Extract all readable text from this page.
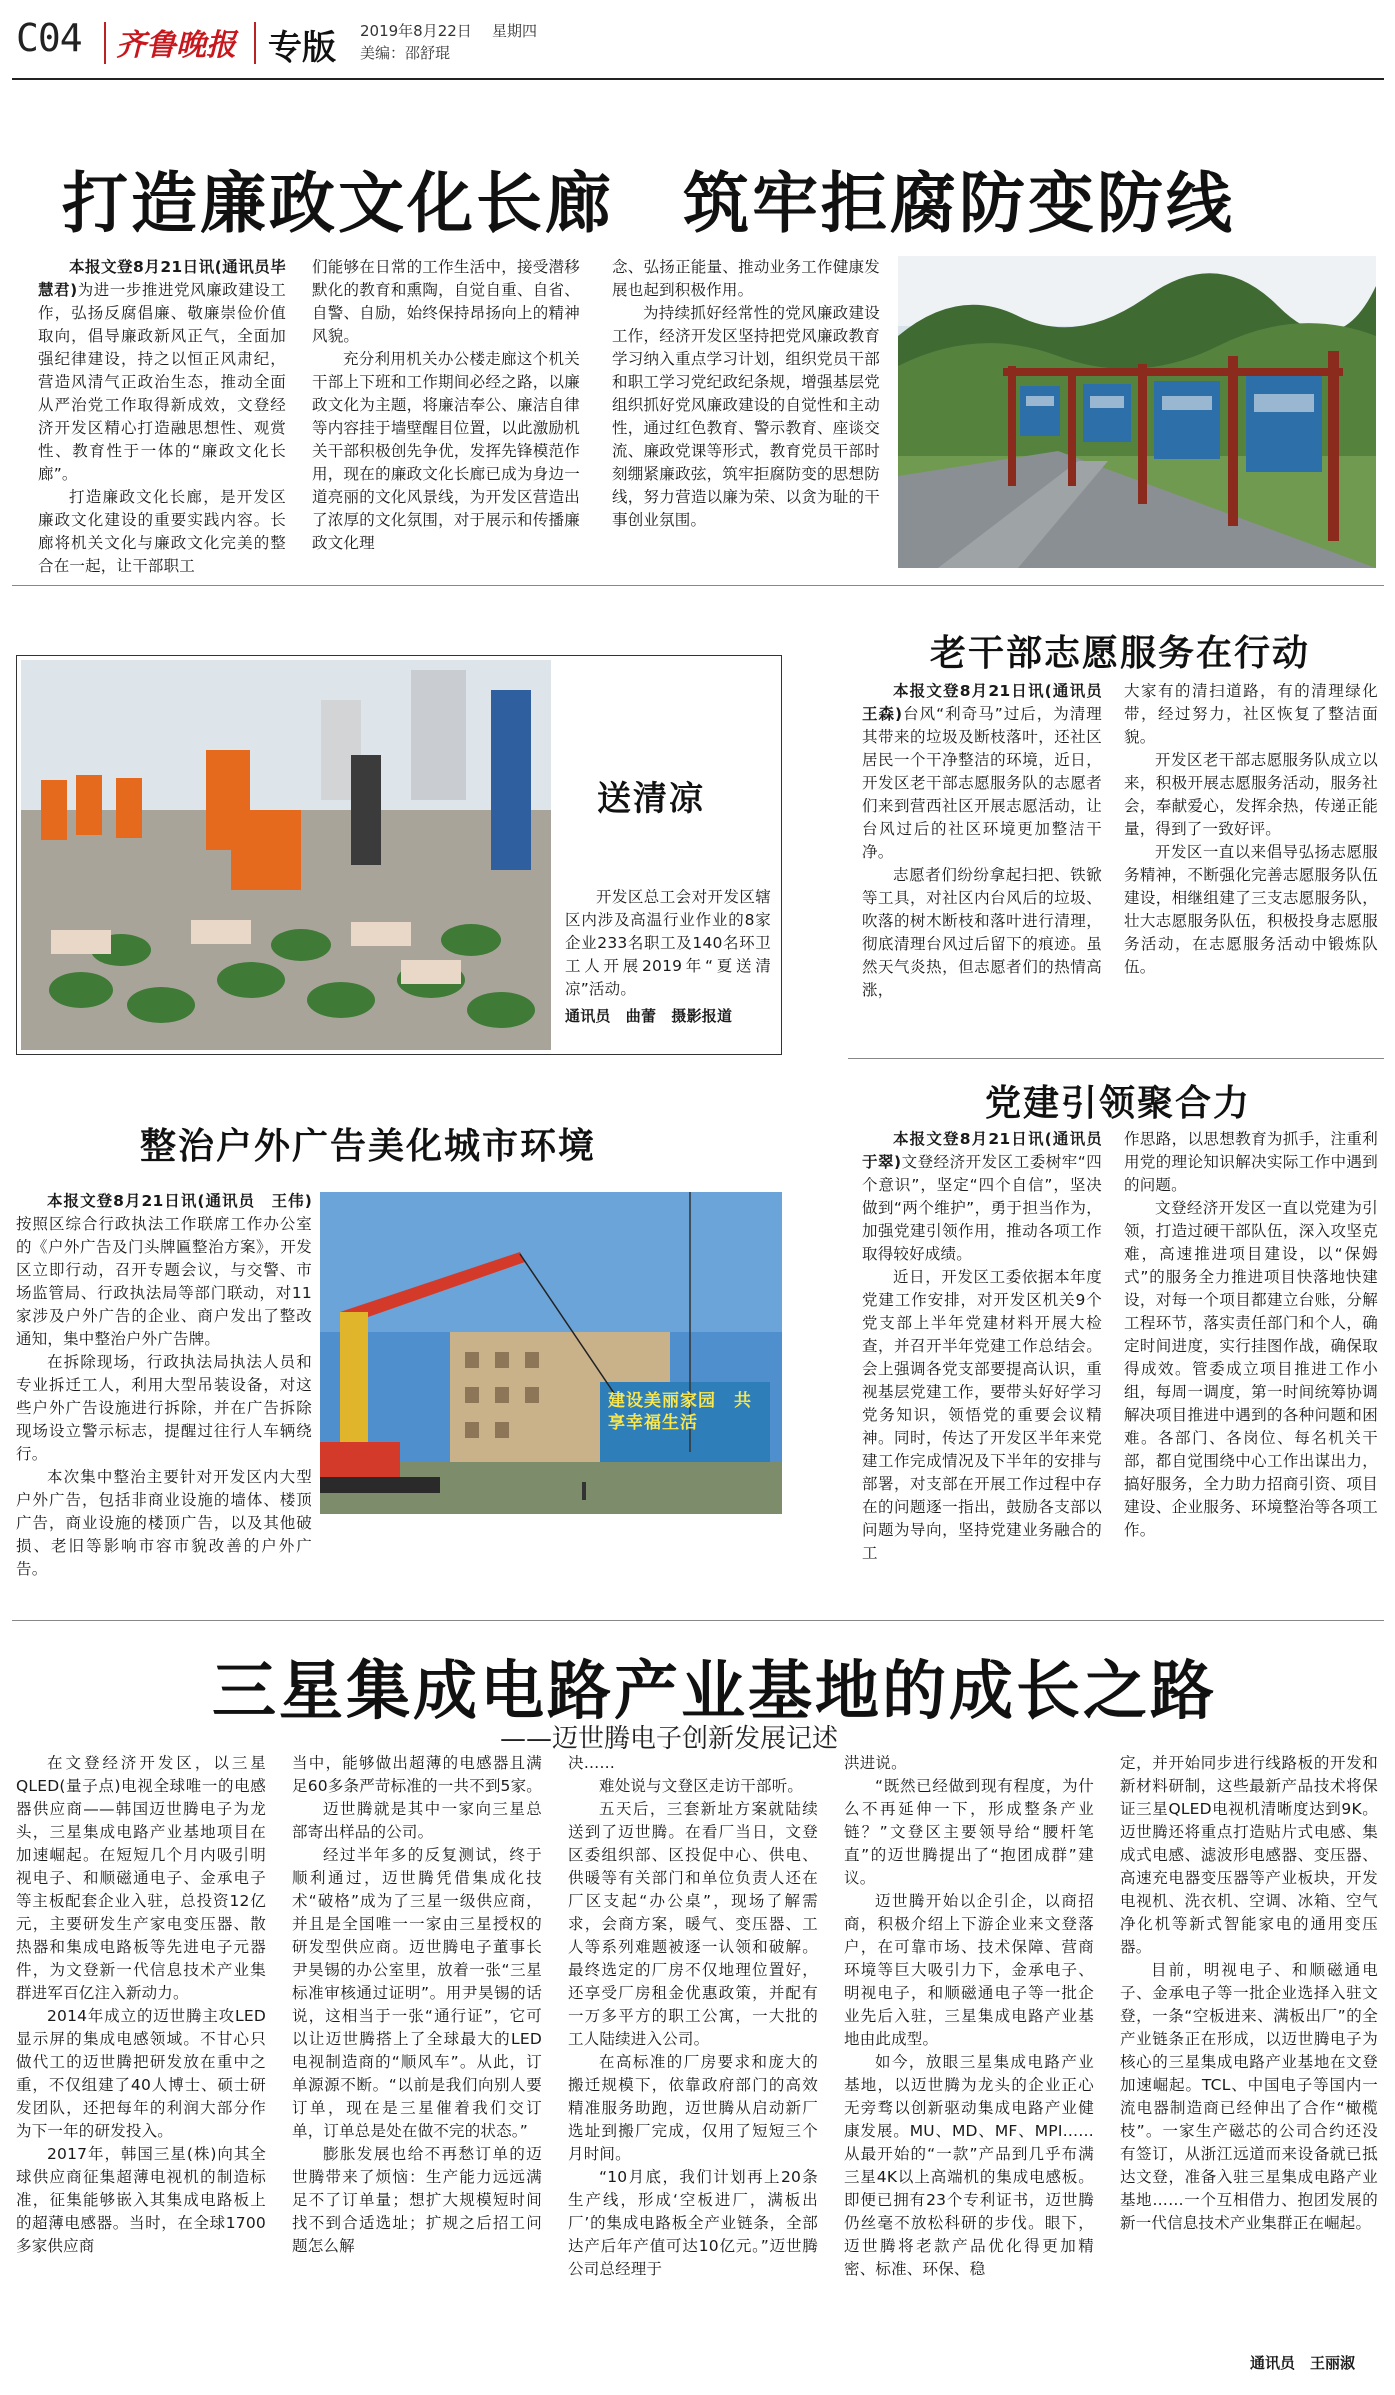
C04 齐鲁晚报 专版 2019年8月22日 星期四
美编：邵舒琨
打造廉政文化长廊　筑牢拒腐防变防线

本报文登8月21日讯(通讯员毕慧君)为进一步推进党风廉政建设工作，弘扬反腐倡廉、敬廉崇俭价值取向，倡导廉政新风正气，全面加强纪律建设，持之以恒正风肃纪，营造风清气正政治生态，推动全面从严治党工作取得新成效，文登经济开发区精心打造融思想性、观赏性、教育性于一体的“廉政文化长廊”。

打造廉政文化长廊，是开发区廉政文化建设的重要实践内容。长廊将机关文化与廉政文化完美的整合在一起，让干部职工

们能够在日常的工作生活中，接受潜移默化的教育和熏陶，自觉自重、自省、自警、自励，始终保持昂扬向上的精神风貌。

充分利用机关办公楼走廊这个机关干部上下班和工作期间必经之路，以廉政文化为主题，将廉洁奉公、廉洁自律等内容挂于墙壁醒目位置，以此激励机关干部积极创先争优，发挥先锋模范作用，现在的廉政文化长廊已成为身边一道亮丽的文化风景线，为开发区营造出了浓厚的文化氛围，对于展示和传播廉政文化理

念、弘扬正能量、推动业务工作健康发展也起到积极作用。

为持续抓好经常性的党风廉政建设工作，经济开发区坚持把党风廉政教育学习纳入重点学习计划，组织党员干部和职工学习党纪政纪条规，增强基层党组织抓好党风廉政建设的自觉性和主动性，通过红色教育、警示教育、座谈交流、廉政党课等形式，教育党员干部时刻绷紧廉政弦，筑牢拒腐防变的思想防线，努力营造以廉为荣、以贪为耻的干事创业氛围。

送清凉

开发区总工会对开发区辖区内涉及高温行业作业的8家企业233名职工及140名环卫工人开展2019年“夏送清凉”活动。

通讯员　曲蕾　摄影报道

老干部志愿服务在行动

本报文登8月21日讯(通讯员　王森)台风“利奇马”过后，为清理其带来的垃圾及断枝落叶，还社区居民一个干净整洁的环境，近日，开发区老干部志愿服务队的志愿者们来到营西社区开展志愿活动，让台风过后的社区环境更加整洁干净。

志愿者们纷纷拿起扫把、铁锨等工具，对社区内台风后的垃圾、吹落的树木断枝和落叶进行清理，彻底清理台风过后留下的痕迹。虽然天气炎热，但志愿者们的热情高涨，

大家有的清扫道路，有的清理绿化带，经过努力，社区恢复了整洁面貌。

开发区老干部志愿服务队成立以来，积极开展志愿服务活动，服务社会，奉献爱心，发挥余热，传递正能量，得到了一致好评。

开发区一直以来倡导弘扬志愿服务精神，不断强化完善志愿服务队伍建设，相继组建了三支志愿服务队，壮大志愿服务队伍，积极投身志愿服务活动，在志愿服务活动中锻炼队伍。

整治户外广告美化城市环境

本报文登8月21日讯(通讯员　王伟)按照区综合行政执法工作联席工作办公室的《户外广告及门头牌匾整治方案》，开发区立即行动，召开专题会议，与交警、市场监管局、行政执法局等部门联动，对11家涉及户外广告的企业、商户发出了整改通知，集中整治户外广告牌。

在拆除现场，行政执法局执法人员和专业拆迁工人，利用大型吊装设备，对这些户外广告设施进行拆除，并在广告拆除现场设立警示标志，提醒过往行人车辆绕行。

本次集中整治主要针对开发区内大型户外广告，包括非商业设施的墙体、楼顶广告，商业设施的楼顶广告，以及其他破损、老旧等影响市容市貌改善的户外广告。

建设美丽家园　共享幸福生活
党建引领聚合力

本报文登8月21日讯(通讯员　于翠)文登经济开发区工委树牢“四个意识”，坚定“四个自信”，坚决做到“两个维护”，勇于担当作为，加强党建引领作用，推动各项工作取得较好成绩。

近日，开发区工委依据本年度党建工作安排，对开发区机关9个党支部上半年党建材料开展大检查，并召开半年党建工作总结会。会上强调各党支部要提高认识，重视基层党建工作，要带头好好学习党务知识，领悟党的重要会议精神。同时，传达了开发区半年来党建工作完成情况及下半年的安排与部署，对支部在开展工作过程中存在的问题逐一指出，鼓励各支部以问题为导向，坚持党建业务融合的工

作思路，以思想教育为抓手，注重利用党的理论知识解决实际工作中遇到的问题。

文登经济开发区一直以党建为引领，打造过硬干部队伍，深入攻坚克难，高速推进项目建设，以“保姆式”的服务全力推进项目快落地快建设，对每一个项目都建立台账，分解工程环节，落实责任部门和个人，确定时间进度，实行挂图作战，确保取得成效。管委成立项目推进工作小组，每周一调度，第一时间统筹协调解决项目推进中遇到的各种问题和困难。各部门、各岗位、每名机关干部，都自觉围绕中心工作出谋出力，搞好服务，全力助力招商引资、项目建设、企业服务、环境整治等各项工作。

三星集成电路产业基地的成长之路
——迈世腾电子创新发展记述

在文登经济开发区，以三星QLED(量子点)电视全球唯一的电感器供应商——韩国迈世腾电子为龙头，三星集成电路产业基地项目在加速崛起。在短短几个月内吸引明视电子、和顺磁通电子、金承电子等主板配套企业入驻，总投资12亿元，主要研发生产家电变压器、散热器和集成电路板等先进电子元器件，为文登新一代信息技术产业集群进军百亿注入新动力。

2014年成立的迈世腾主攻LED显示屏的集成电感领域。不甘心只做代工的迈世腾把研发放在重中之重，不仅组建了40人博士、硕士研发团队，还把每年的利润大部分作为下一年的研发投入。

2017年，韩国三星(株)向其全球供应商征集超薄电视机的制造标准，征集能够嵌入其集成电路板上的超薄电感器。当时，在全球1700多家供应商

当中，能够做出超薄的电感器且满足60多条严苛标准的一共不到5家。

迈世腾就是其中一家向三星总部寄出样品的公司。

经过半年多的反复测试，终于顺利通过，迈世腾凭借集成化技术“破格”成为了三星一级供应商，并且是全国唯一一家由三星授权的研发型供应商。迈世腾电子董事长尹昊锡的办公室里，放着一张“三星标准审核通过证明”。用尹昊锡的话说，这相当于一张“通行证”，它可以让迈世腾搭上了全球最大的LED电视制造商的“顺风车”。从此，订单源源不断。“以前是我们向别人要订单，现在是三星催着我们交订单，订单总是处在做不完的状态。”

膨胀发展也给不再愁订单的迈世腾带来了烦恼：生产能力远远满足不了订单量；想扩大规模短时间找不到合适选址；扩规之后招工问题怎么解

决……

难处说与文登区走访干部听。

五天后，三套新址方案就陆续送到了迈世腾。在看厂当日，文登区委组织部、区投促中心、供电、供暖等有关部门和单位负责人还在厂区支起“办公桌”，现场了解需求，会商方案，暖气、变压器、工人等系列难题被逐一认领和破解。最终选定的厂房不仅地理位置好，还享受厂房租金优惠政策，并配有一万多平方的职工公寓，一大批的工人陆续进入公司。

在高标准的厂房要求和庞大的搬迁规模下，依靠政府部门的高效精准服务助跑，迈世腾从启动新厂选址到搬厂完成，仅用了短短三个月时间。

“10月底，我们计划再上20条生产线，形成‘空板进厂，满板出厂’的集成电路板全产业链条，全部达产后年产值可达10亿元。”迈世腾公司总经理于

洪进说。

“既然已经做到现有程度，为什么不再延伸一下，形成整条产业链？”文登区主要领导给“腰杆笔直”的迈世腾提出了“抱团成群”建议。

迈世腾开始以企引企，以商招商，积极介绍上下游企业来文登落户，在可靠市场、技术保障、营商环境等巨大吸引力下，金承电子、明视电子，和顺磁通电子等一批企业先后入驻，三星集成电路产业基地由此成型。

如今，放眼三星集成电路产业基地，以迈世腾为龙头的企业正心无旁骛以创新驱动集成电路产业健康发展。MU、MD、MF、MPI……从最开始的“一款”产品到几乎布满三星4K以上高端机的集成电感板。即便已拥有23个专利证书，迈世腾仍丝毫不放松科研的步伐。眼下，迈世腾将老款产品优化得更加精密、标准、环保、稳

定，并开始同步进行线路板的开发和新材料研制，这些最新产品技术将保证三星QLED电视机清晰度达到9K。迈世腾还将重点打造贴片式电感、集成式电感、滤波形电感器、变压器、高速充电器变压器等产业板块，开发电视机、洗衣机、空调、冰箱、空气净化机等新式智能家电的通用变压器。

目前，明视电子、和顺磁通电子、金承电子等一批企业选择入驻文登，一条“空板进来、满板出厂”的全产业链条正在形成，以迈世腾电子为核心的三星集成电路产业基地在文登加速崛起。TCL、中国电子等国内一流电器制造商已经伸出了合作“橄榄枝”。一家生产磁芯的公司合约还没有签订，从浙江远道而来设备就已抵达文登，准备入驻三星集成电路产业基地……一个互相借力、抱团发展的新一代信息技术产业集群正在崛起。

通讯员　王丽淑
